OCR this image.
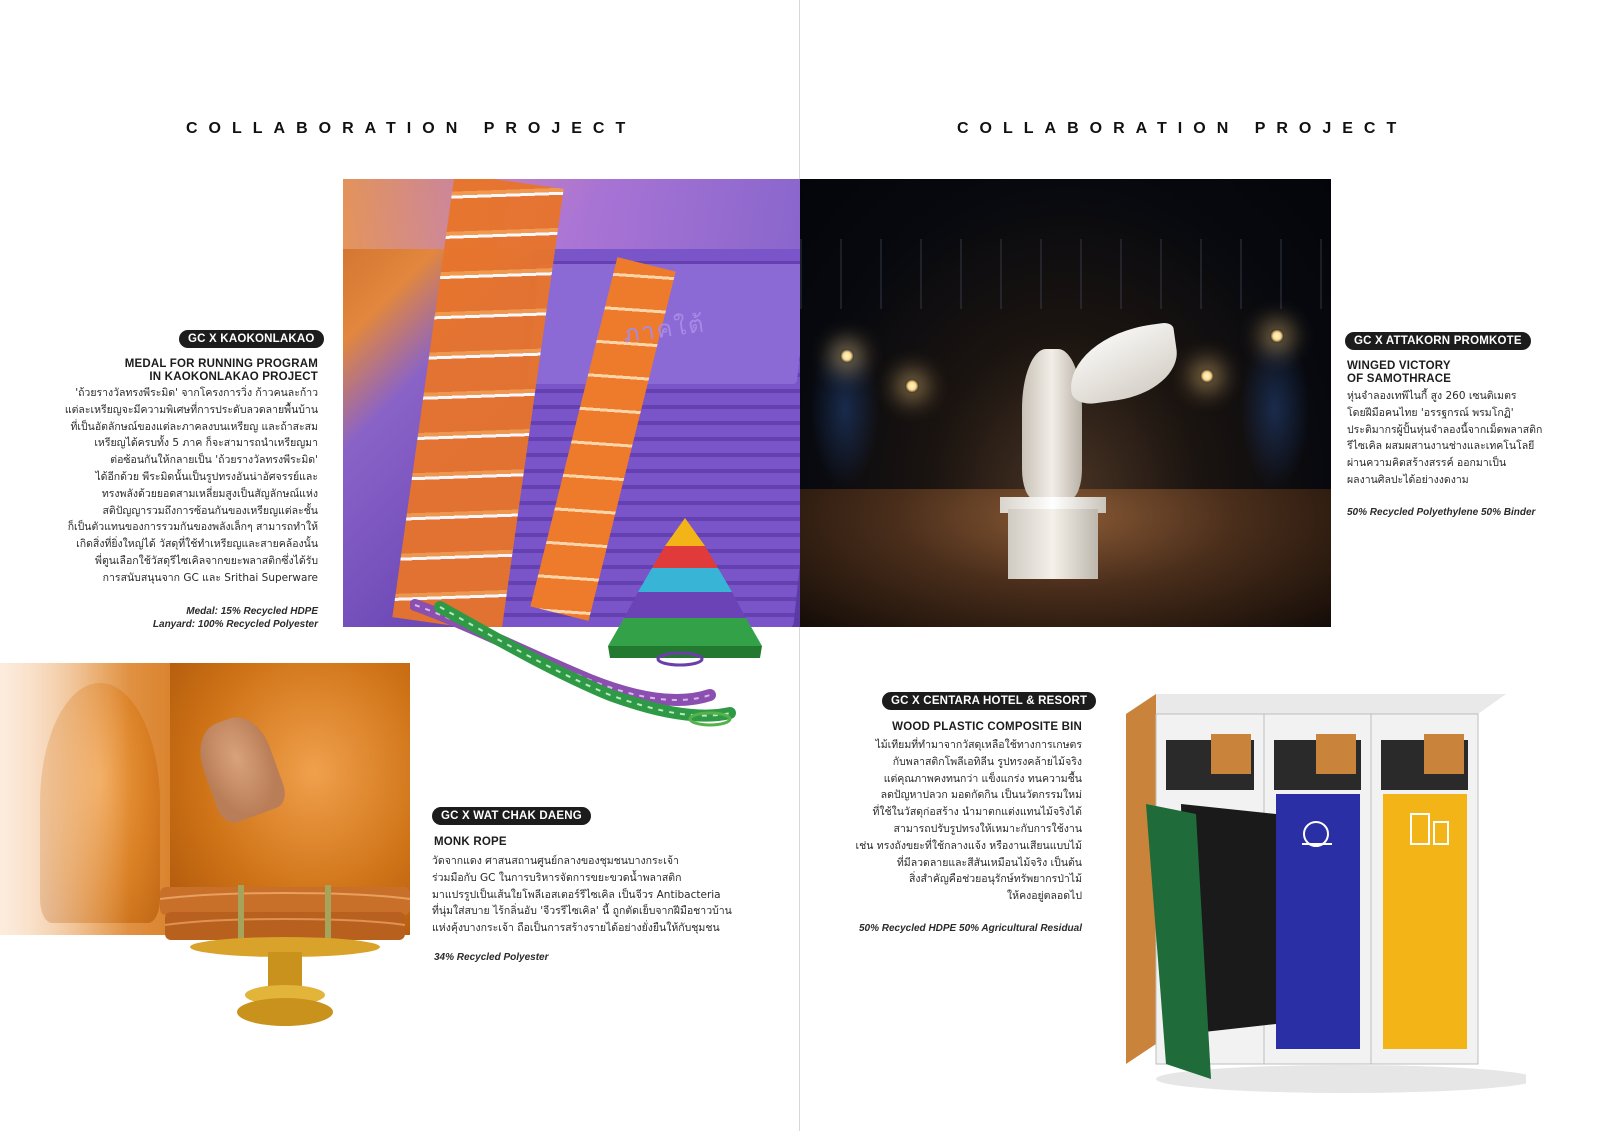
COLLABORATION PROJECT	COLLABORATION PROJECT
ภาคใต้
GC X KAOKONLAKAO
MEDAL FOR RUNNING PROGRAM
IN KAOKONLAKAO PROJECT
'ถ้วยรางวัลทรงพีระมิด' จากโครงการวิ่ง ก้าวคนละก้าว
แต่ละเหรียญจะมีความพิเศษที่การประดับลวดลายพื้นบ้าน
ที่เป็นอัตลักษณ์ของแต่ละภาคลงบนเหรียญ และถ้าสะสม
เหรียญได้ครบทั้ง 5 ภาค ก็จะสามารถนำเหรียญมา
ต่อซ้อนกันให้กลายเป็น 'ถ้วยรางวัลทรงพีระมิด'
ได้อีกด้วย พีระมิดนั้นเป็นรูปทรงอันน่าอัศจรรย์และ
ทรงพลังด้วยยอดสามเหลี่ยมสูงเป็นสัญลักษณ์แห่ง
สติปัญญารวมถึงการซ้อนกันของเหรียญแต่ละชั้น
ก็เป็นตัวแทนของการรวมกันของพลังเล็กๆ สามารถทำให้
เกิดสิ่งที่ยิ่งใหญ่ได้ วัสดุที่ใช้ทำเหรียญและสายคล้องนั้น
พี่ตูนเลือกใช้วัสดุรีไซเคิลจากขยะพลาสติกซึ่งได้รับ
การสนับสนุนจาก GC และ Srithai Superware
Medal: 15% Recycled HDPE
Lanyard: 100% Recycled Polyester
GC X WAT CHAK DAENG
MONK ROPE
วัดจากแดง ศาสนสถานศูนย์กลางของชุมชนบางกระเจ้า
ร่วมมือกับ GC ในการบริหารจัดการขยะขวดน้ำพลาสติก
มาแปรรูปเป็นเส้นใยโพลีเอสเตอร์รีไซเคิล เป็นจีวร Antibacteria
ที่นุ่มใส่สบาย ไร้กลิ่นอับ 'จีวรรีไซเคิล' นี้ ถูกตัดเย็บจากฝีมือชาวบ้าน
แห่งคุ้งบางกระเจ้า ถือเป็นการสร้างรายได้อย่างยั่งยืนให้กับชุมชน
34% Recycled Polyester
GC X ATTAKORN PROMKOTE
WINGED VICTORY
OF SAMOTHRACE
หุ่นจำลองเทพีไนกี้ สูง 260 เซนติเมตร
โดยฝีมือคนไทย 'อรรฐกรณ์ พรมโกฏิ'
ประติมากรผู้ปั้นหุ่นจำลองนี้จากเม็ดพลาสติก
รีไซเคิล ผสมผสานงานช่างและเทคโนโลยี
ผ่านความคิดสร้างสรรค์ ออกมาเป็น
ผลงานศิลปะได้อย่างงดงาม
50% Recycled Polyethylene 50% Binder
GC X CENTARA HOTEL & RESORT
WOOD PLASTIC COMPOSITE BIN
ไม้เทียมที่ทำมาจากวัสดุเหลือใช้ทางการเกษตร
กับพลาสติกโพลีเอทิลีน รูปทรงคล้ายไม้จริง
แต่คุณภาพคงทนกว่า แข็งแกร่ง ทนความชื้น
ลดปัญหาปลวก มอดกัดกิน เป็นนวัตกรรมใหม่
ที่ใช้ในวัสดุก่อสร้าง นำมาตกแต่งแทนไม้จริงได้
สามารถปรับรูปทรงให้เหมาะกับการใช้งาน
เช่น ทรงถังขยะที่ใช้กลางแจ้ง หรืองานเสียนแบบไม้
ที่มีลวดลายและสีสันเหมือนไม้จริง เป็นต้น
สิ่งสำคัญคือช่วยอนุรักษ์ทรัพยากรป่าไม้
ให้คงอยู่ตลอดไป
50% Recycled HDPE 50% Agricultural Residual
